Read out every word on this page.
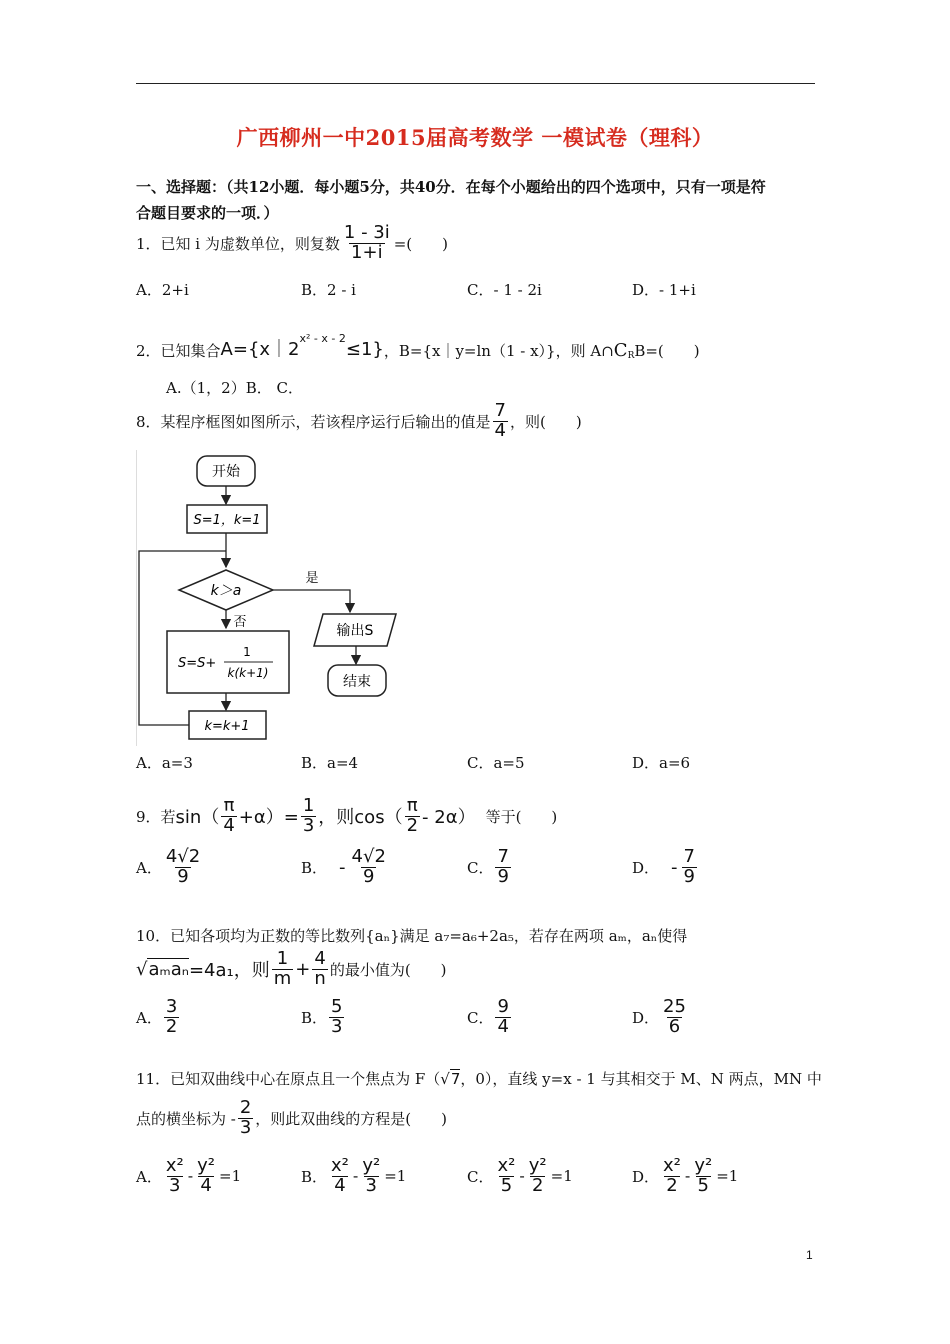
广西柳州一中2015届高考数学 一模试卷（理科）
一、选择题：（共12小题．每小题5分，共40分．在每个小题给出的四个选项中，只有一项是符
合题目要求的一项．）
1．已知 i 为虚数单位，则复数 $\frac{1 - 3i}{1+i}$ =(　　)
A．2+i	B．2 - i	C．- 1 - 2i	D．- 1+i
2．已知集合 $A=\{x|2^{x^2 - x - 2}\le 1\}$ ，B={x｜y=ln（1 - x）}，则 A∩ $C_R$ B=(　　)
A.（1，2）B． C．
8．某程序框图如图所示，若该程序运行后输出的值是 $\frac{7}{4}$ ，则(　　)
开始
S=1，k=1
k＞a
是
否
S=S+
1
k(k+1)
k=k+1
输出S
结束
A．a=3	B．a=4	C．a=5	D．a=6
9．若 $\sin( \frac{\pi}{4} +\alpha)= \frac{1}{3}$ ，则 $\cos( \frac{\pi}{2} - 2\alpha)$ 等于(　　)
A． $\frac{4√2}{9}$	B． - $\frac{4√2}{9}$	C． $\frac{7}{9}$	D． - $\frac{7}{9}$
10．已知各项均为正数的等比数列{aₙ}满足 a₇=a₆+2a₅，若存在两项 aₘ，aₙ使得
√ aₘaₙ =4a₁，则 $\frac{1}{m} + \frac{4}{n}$ 的最小值为(　　)
A． $\frac{3}{2}$	B． $\frac{5}{3}$	C． $\frac{9}{4}$	D． $\frac{25}{6}$
11．已知双曲线中心在原点且一个焦点为 F（ √ 7 ，0），直线 y=x - 1 与其相交于 M、N 两点，MN 中
点的横坐标为 - $\frac{2}{3}$ ，则此双曲线的方程是(　　)
A． $\frac{\text{x²}}{3} - \frac{\text{y²}}{4} =1$	B． $\frac{\text{x²}}{4} - \frac{\text{y²}}{3} =1$	C． $\frac{\text{x²}}{5} - \frac{\text{y²}}{2} =1$	D． $\frac{\text{x²}}{2} - \frac{\text{y²}}{5} =1$
1
